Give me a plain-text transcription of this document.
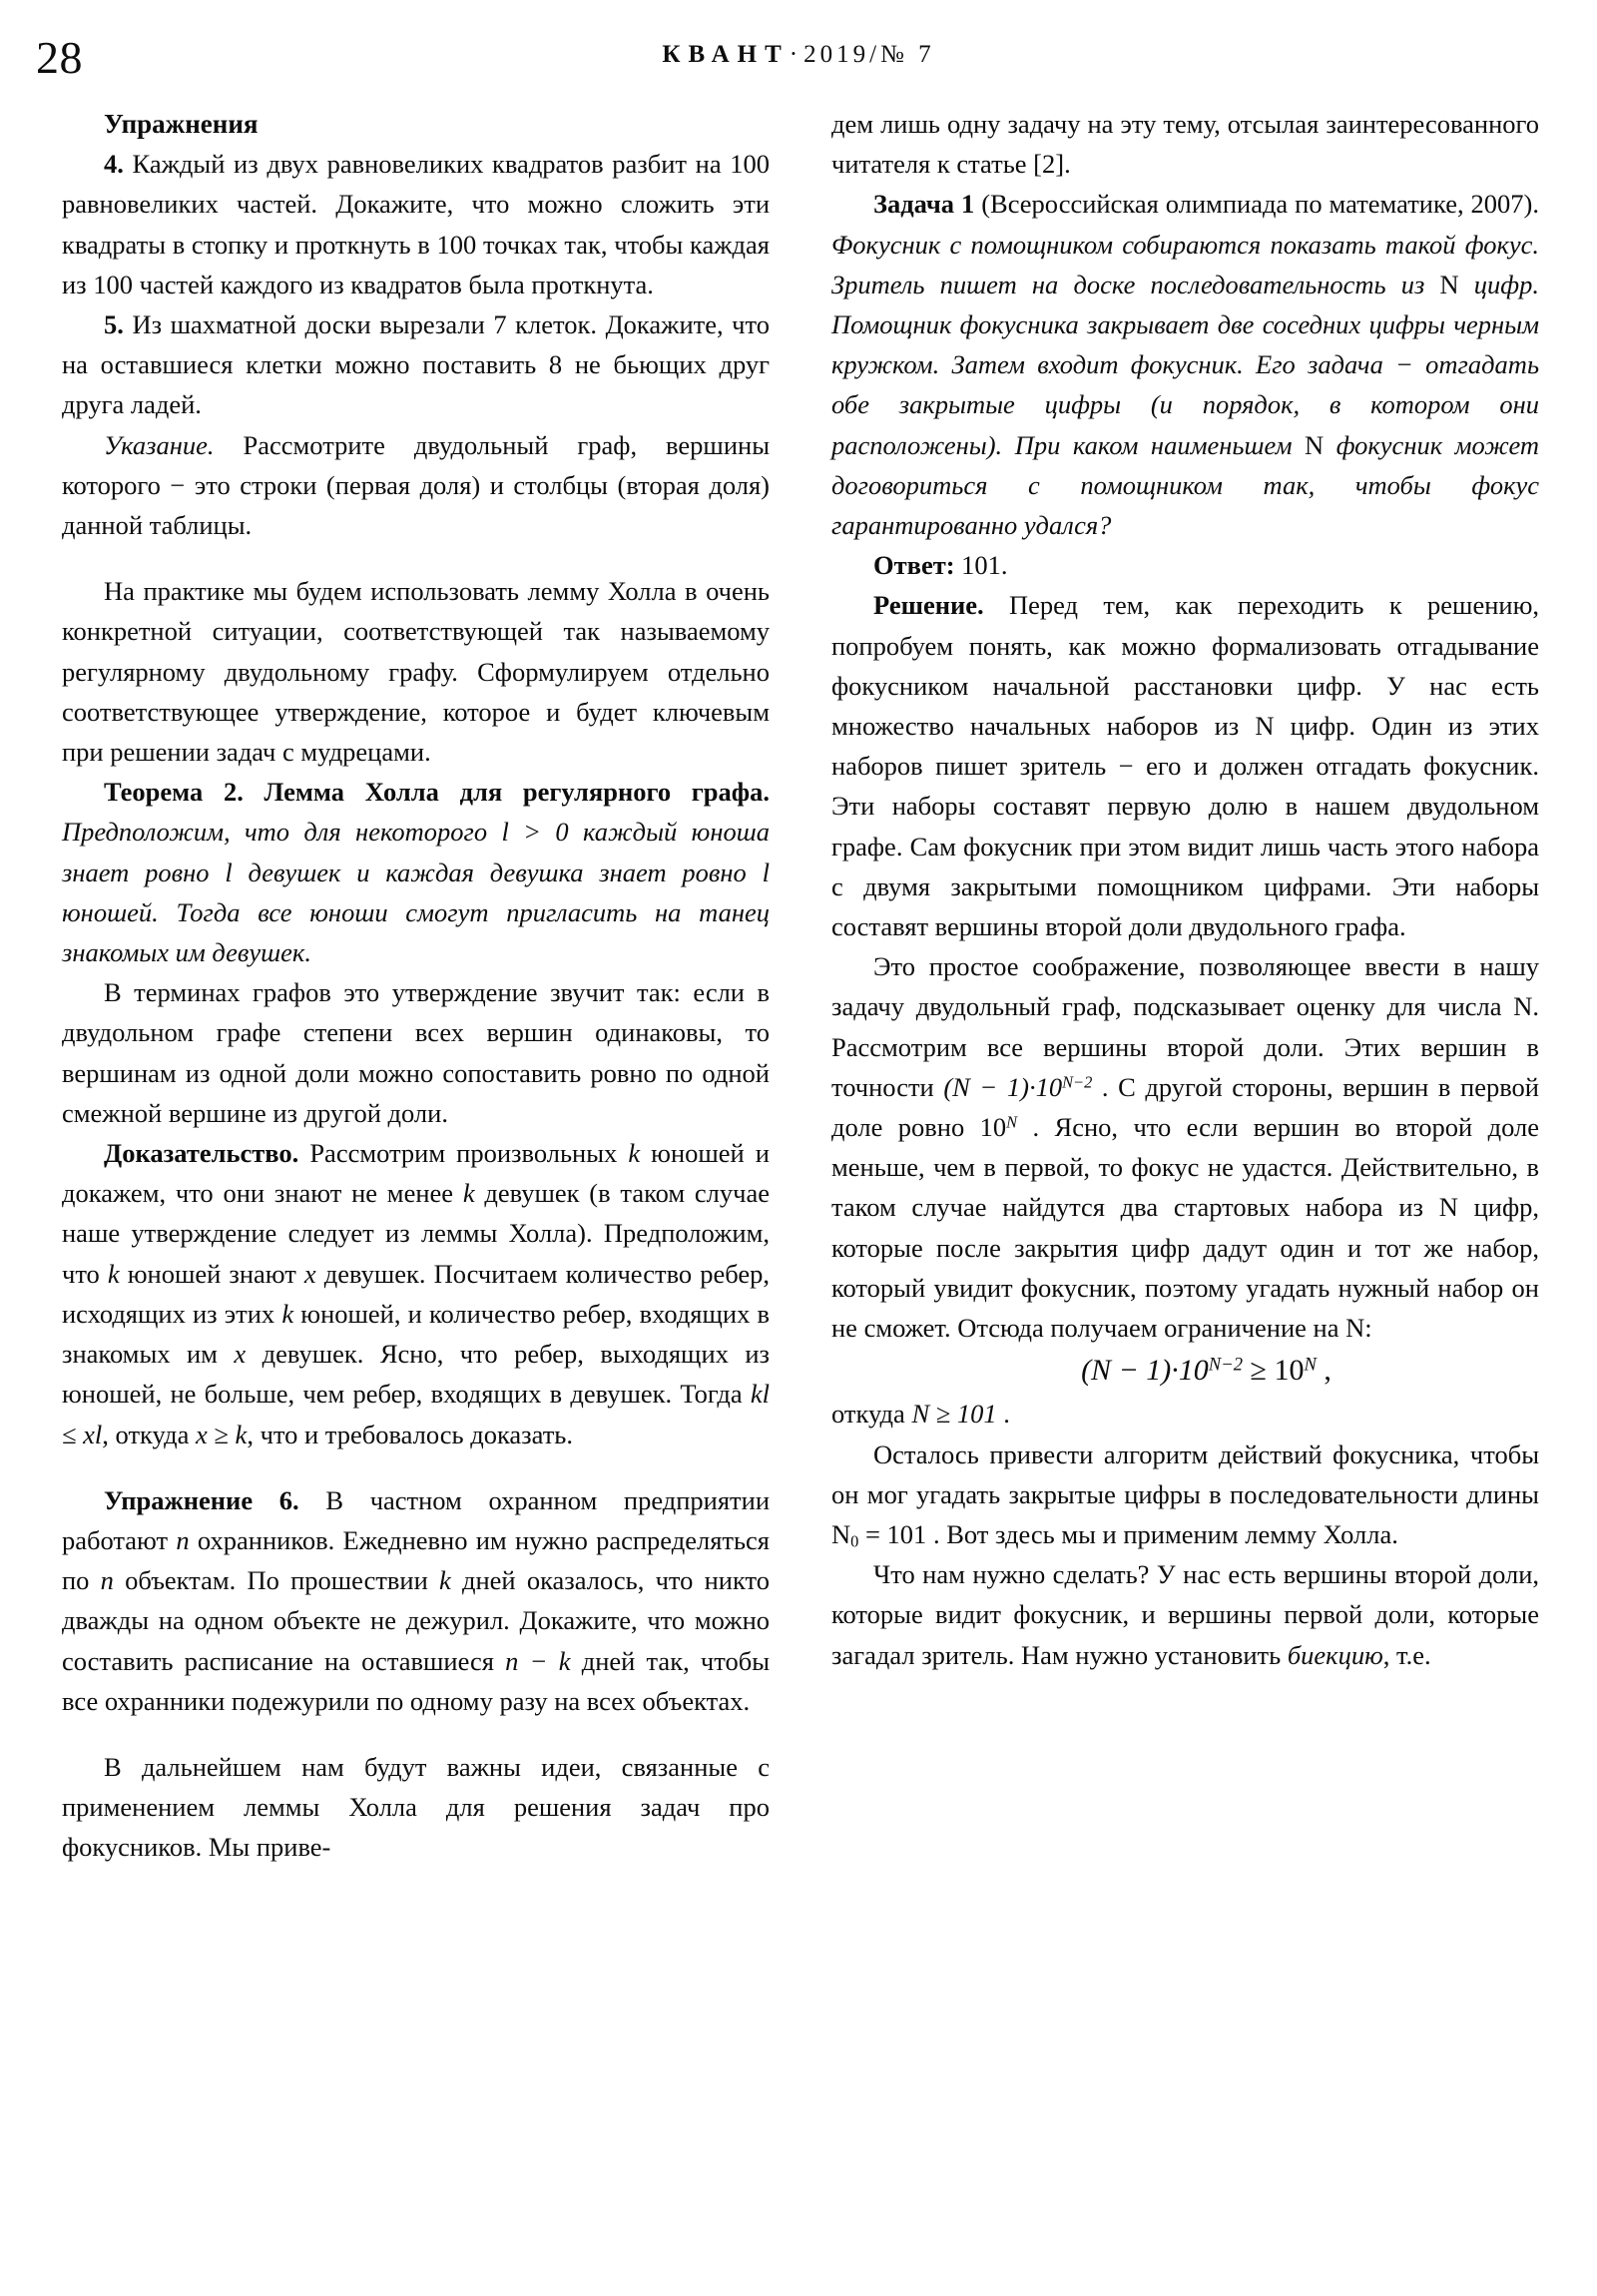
28	КВАНТ·2019/№ 7
Упражнения

4. Каждый из двух равновеликих квадратов разбит на 100 равновеликих частей. Докажите, что можно сложить эти квадраты в стопку и проткнуть в 100 точках так, чтобы каждая из 100 частей каждого из квадратов была проткнута.

5. Из шахматной доски вырезали 7 клеток. Докажите, что на оставшиеся клетки можно поставить 8 не бьющих друг друга ладей.

Указание. Рассмотрите двудольный граф, вершины которого − это строки (первая доля) и столбцы (вторая доля) данной таблицы.

На практике мы будем использовать лемму Холла в очень конкретной ситуации, соответствующей так называемому регулярному двудольному графу. Сформулируем отдельно соответствующее утверждение, которое и будет ключевым при решении задач с мудрецами.

Теорема 2. Лемма Холла для регулярного графа. Предположим, что для некоторого l > 0 каждый юноша знает ровно l девушек и каждая девушка знает ровно l юношей. Тогда все юноши смогут пригласить на танец знакомых им девушек.

В терминах графов это утверждение звучит так: если в двудольном графе степени всех вершин одинаковы, то вершинам из одной доли можно сопоставить ровно по одной смежной вершине из другой доли.

Доказательство. Рассмотрим произвольных k юношей и докажем, что они знают не менее k девушек (в таком случае наше утверждение следует из леммы Холла). Предположим, что k юношей знают x девушек. Посчитаем количество ребер, исходящих из этих k юношей, и количество ребер, входящих в знакомых им x девушек. Ясно, что ребер, выходящих из юношей, не больше, чем ребер, входящих в девушек. Тогда kl ≤ xl, откуда x ≥ k, что и требовалось доказать.

Упражнение 6. В частном охранном предприятии работают n охранников. Ежедневно им нужно распределяться по n объектам. По прошествии k дней оказалось, что никто дважды на одном объекте не дежурил. Докажите, что можно составить расписание на оставшиеся n − k дней так, чтобы все охранники подежурили по одному разу на всех объектах.

В дальнейшем нам будут важны идеи, связанные с применением леммы Холла для решения задач про фокусников. Мы приве-

дем лишь одну задачу на эту тему, отсылая заинтересованного читателя к статье [2].

Задача 1 (Всероссийская олимпиада по математике, 2007). Фокусник с помощником собираются показать такой фокус. Зритель пишет на доске последовательность из N цифр. Помощник фокусника закрывает две соседних цифры черным кружком. Затем входит фокусник. Его задача − отгадать обе закрытые цифры (и порядок, в котором они расположены). При каком наименьшем N фокусник может договориться с помощником так, чтобы фокус гарантированно удался?

Ответ: 101.

Решение. Перед тем, как переходить к решению, попробуем понять, как можно формализовать отгадывание фокусником начальной расстановки цифр. У нас есть множество начальных наборов из N цифр. Один из этих наборов пишет зритель − его и должен отгадать фокусник. Эти наборы составят первую долю в нашем двудольном графе. Сам фокусник при этом видит лишь часть этого набора с двумя закрытыми помощником цифрами. Эти наборы составят вершины второй доли двудольного графа.

Это простое соображение, позволяющее ввести в нашу задачу двудольный граф, подсказывает оценку для числа N. Рассмотрим все вершины второй доли. Этих вершин в точности $(N - 1)\cdot 10^{N-2}$ . С другой стороны, вершин в первой доле ровно $10^N$ . Ясно, что если вершин во второй доле меньше, чем в первой, то фокус не удастся. Действительно, в таком случае найдутся два стартовых набора из N цифр, которые после закрытия цифр дадут один и тот же набор, который увидит фокусник, поэтому угадать нужный набор он не сможет. Отсюда получаем ограничение на N:

$(N - 1)\cdot 10^{N-2} \ge 10^N$ ,

откуда N ≥ 101 .

Осталось привести алгоритм действий фокусника, чтобы он мог угадать закрытые цифры в последовательности длины $N_0 = 101$ . Вот здесь мы и применим лемму Холла.

Что нам нужно сделать? У нас есть вершины второй доли, которые видит фокусник, и вершины первой доли, которые загадал зритель. Нам нужно установить биекцию, т.е.
